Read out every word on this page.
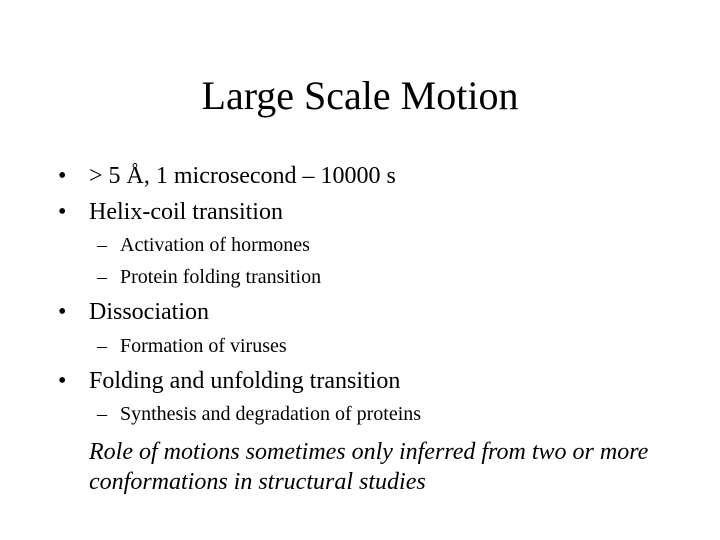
Large Scale Motion
• > 5 Å, 1 microsecond – 10000 s
• Helix-coil transition
– Activation of hormones
– Protein folding transition
• Dissociation
– Formation of viruses
• Folding and unfolding transition
– Synthesis and degradation of proteins
Role of motions sometimes only inferred from two or more conformations in structural studies
